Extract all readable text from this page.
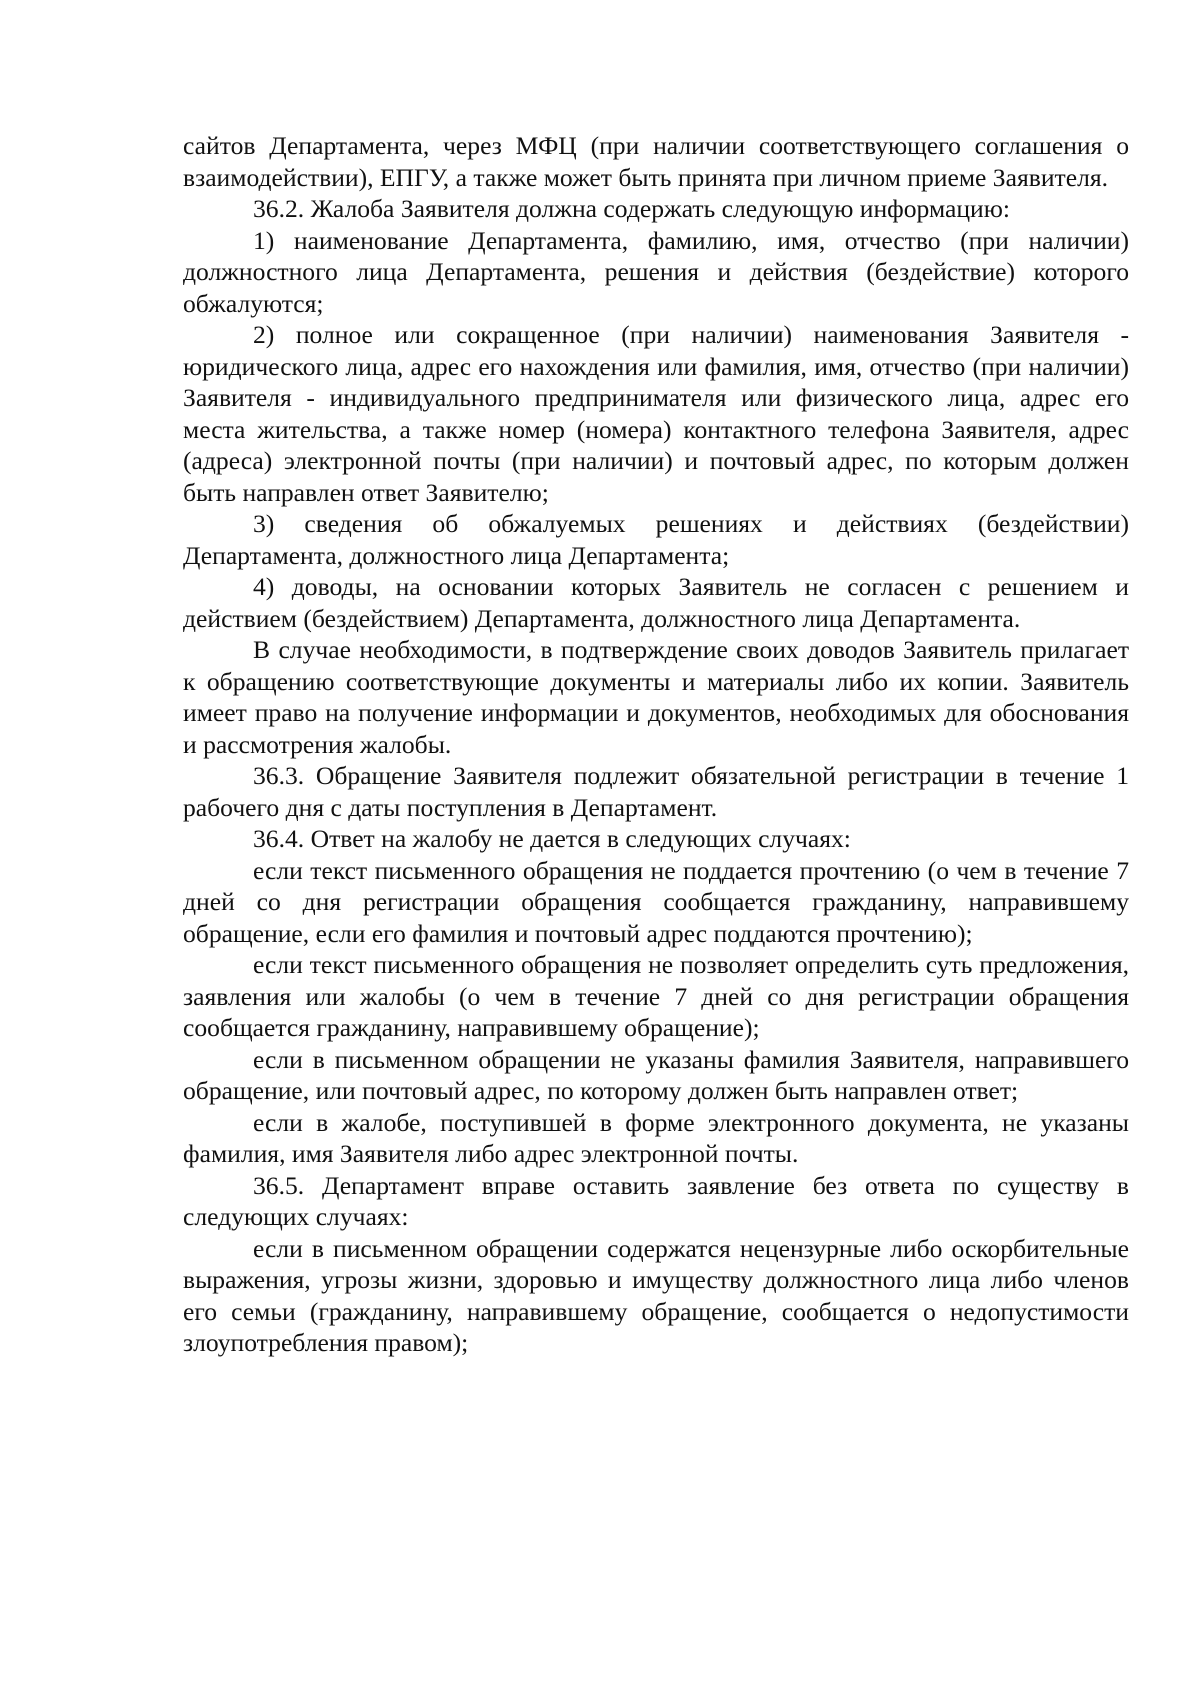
сайтов Департамента, через МФЦ (при наличии соответствующего соглашения о взаимодействии), ЕПГУ, а также может быть принята при личном приеме Заявителя.

36.2. Жалоба Заявителя должна содержать следующую информацию:

1) наименование Департамента, фамилию, имя, отчество (при наличии) должностного лица Департамента, решения и действия (бездействие) которого обжалуются;

2) полное или сокращенное (при наличии) наименования Заявителя - юридического лица, адрес его нахождения или фамилия, имя, отчество (при наличии) Заявителя - индивидуального предпринимателя или физического лица, адрес его места жительства, а также номер (номера) контактного телефона Заявителя, адрес (адреса) электронной почты (при наличии) и почтовый адрес, по которым должен быть направлен ответ Заявителю;

3) сведения об обжалуемых решениях и действиях (бездействии) Департамента, должностного лица Департамента;

4) доводы, на основании которых Заявитель не согласен с решением и действием (бездействием) Департамента, должностного лица Департамента.

В случае необходимости, в подтверждение своих доводов Заявитель прилагает к обращению соответствующие документы и материалы либо их копии. Заявитель имеет право на получение информации и документов, необходимых для обоснования и рассмотрения жалобы.

36.3. Обращение Заявителя подлежит обязательной регистрации в течение 1 рабочего дня с даты поступления в Департамент.

36.4. Ответ на жалобу не дается в следующих случаях:

если текст письменного обращения не поддается прочтению (о чем в течение 7 дней со дня регистрации обращения сообщается гражданину, направившему обращение, если его фамилия и почтовый адрес поддаются прочтению);

если текст письменного обращения не позволяет определить суть предложения, заявления или жалобы (о чем в течение 7 дней со дня регистрации обращения сообщается гражданину, направившему обращение);

если в письменном обращении не указаны фамилия Заявителя, направившего обращение, или почтовый адрес, по которому должен быть направлен ответ;

если в жалобе, поступившей в форме электронного документа, не указаны фамилия, имя Заявителя либо адрес электронной почты.

36.5. Департамент вправе оставить заявление без ответа по существу в следующих случаях:

если в письменном обращении содержатся нецензурные либо оскорбительные выражения, угрозы жизни, здоровью и имуществу должностного лица либо членов его семьи (гражданину, направившему обращение, сообщается о недопустимости злоупотребления правом);
